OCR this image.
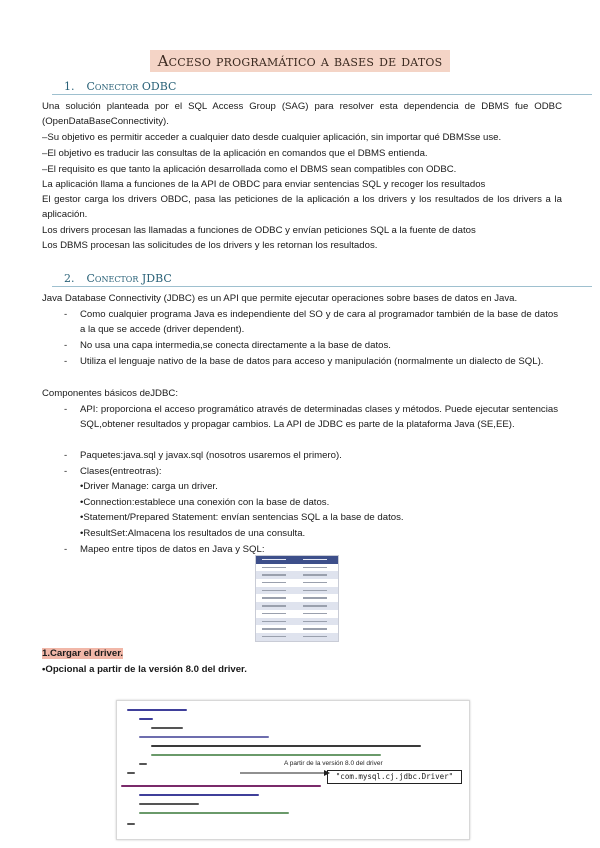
Acceso programático a bases de datos
1. Conector ODBC
Una solución planteada por el SQL Access Group (SAG) para resolver esta dependencia de DBMS fue ODBC (OpenDataBaseConnectivity).
–Su objetivo es permitir acceder a cualquier dato desde cualquier aplicación, sin importar qué DBMSse use.
–El objetivo es traducir las consultas de la aplicación en comandos que el DBMS entienda.
–El requisito es que tanto la aplicación desarrollada como el DBMS sean compatibles con ODBC.
La aplicación llama a funciones de la API de OBDC para enviar sentencias SQL y recoger los resultados
El gestor carga los drivers OBDC, pasa las peticiones de la aplicación a los drivers y los resultados de los drivers a la aplicación.
Los drivers procesan las llamadas a funciones de ODBC y envían peticiones SQL a la fuente de datos
Los DBMS procesan las solicitudes de los drivers y les retornan los resultados.
2. Conector JDBC
Java Database Connectivity (JDBC) es un API que permite ejecutar operaciones sobre bases de datos en Java.
- Como cualquier programa Java es independiente del SO y de cara al programador también de la base de datos a la que se accede (driver dependent).
- No usa una capa intermedia,se conecta directamente a la base de datos.
- Utiliza el lenguaje nativo de la base de datos para acceso y manipulación (normalmente un dialecto de SQL).
Componentes básicos deJDBC:
- API: proporciona el acceso programático através de determinadas clases y métodos. Puede ejecutar sentencias SQL,obtener resultados y propagar cambios. La API de JDBC es parte de la plataforma Java (SE,EE).
- Paquetes:java.sql y javax.sql (nosotros usaremos el primero).
- Clases(entreotras):
•Driver Manage: carga un driver.
•Connection:establece una conexión con la base de datos.
•Statement/Prepared Statement: envían sentencias SQL a la base de datos.
•ResultSet:Almacena los resultados de una consulta.
- Mapeo entre tipos de datos en Java y SQL:
1.Cargar el driver.
•Opcional a partir de la versión 8.0 del driver.
A partir de la versión 8.0 del driver
"com.mysql.cj.jdbc.Driver"
